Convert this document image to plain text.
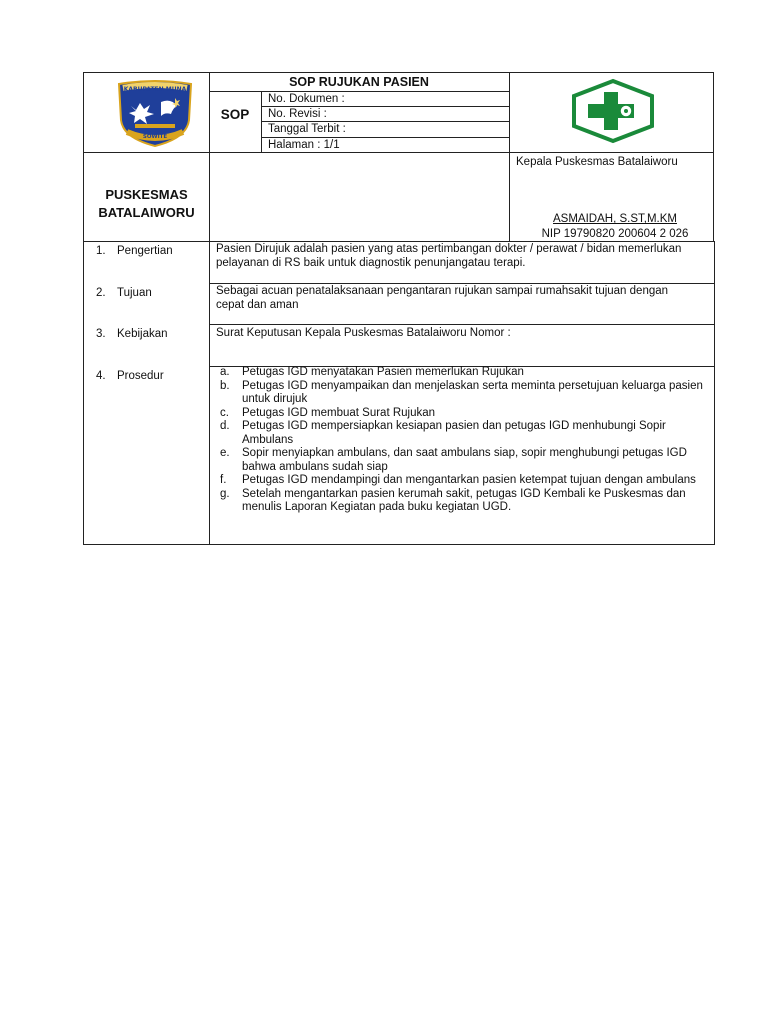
KABUPATEN MUNA
SOWITE
SOP RUJUKAN PASIEN
SOP
No. Dokumen :
No. Revisi :
Tanggal Terbit :
Halaman : 1/1
PUSKESMAS
BATALAIWORU
Kepala Puskesmas Batalaiworu
ASMAIDAH, S.ST,M.KM
NIP 19790820 200604 2 026
1. Pengertian
2. Tujuan
3. Kebijakan
4. Prosedur
Pasien Dirujuk adalah pasien yang atas pertimbangan dokter / perawat / bidan memerlukan pelayanan di RS baik untuk diagnostik penunjangatau terapi.
Sebagai acuan penatalaksanaan pengantaran rujukan sampai rumahsakit tujuan dengan cepat dan aman
Surat Keputusan Kepala Puskesmas Batalaiworu Nomor :
a. Petugas IGD menyatakan Pasien memerlukan Rujukan
b. Petugas IGD menyampaikan dan menjelaskan serta meminta persetujuan keluarga pasien untuk dirujuk
c. Petugas IGD membuat Surat Rujukan
d. Petugas IGD mempersiapkan kesiapan pasien dan petugas IGD menhubungi Sopir Ambulans
e. Sopir menyiapkan ambulans, dan saat ambulans siap, sopir menghubungi petugas IGD bahwa ambulans sudah siap
f. Petugas IGD mendampingi dan mengantarkan pasien ketempat tujuan dengan ambulans
g. Setelah mengantarkan pasien kerumah sakit, petugas IGD Kembali ke Puskesmas dan menulis Laporan Kegiatan pada buku kegiatan UGD.
